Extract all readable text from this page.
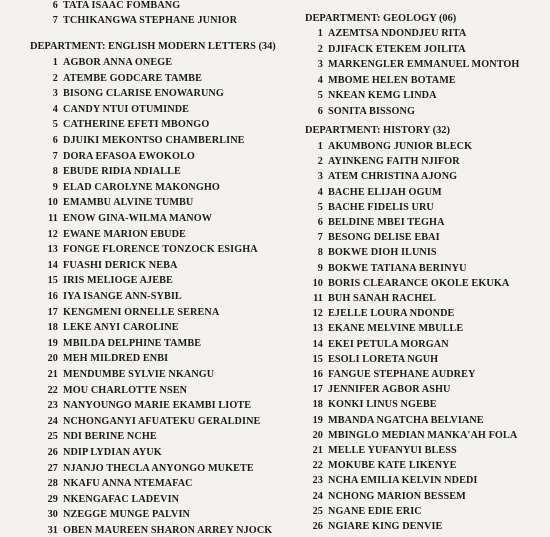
6 TATA ISAAC FOMBANG
7 TCHIKANGWA STEPHANE JUNIOR
DEPARTMENT: ENGLISH MODERN LETTERS (34)
1 AGBOR ANNA ONEGE
2 ATEMBE GODCARE TAMBE
3 BISONG CLARISE ENOWARUNG
4 CANDY NTUI OTUMINDE
5 CATHERINE EFETI MBONGO
6 DJUIKI MEKONTSO CHAMBERLINE
7 DORA EFASOA EWOKOLO
8 EBUDE RIDIA NDIALLE
9 ELAD CAROLYNE MAKONGHO
10 EMAMBU ALVINE TUMBU
11 ENOW GINA-WILMA MANOW
12 EWANE MARION EBUDE
13 FONGE FLORENCE TONZOCK ESIGHA
14 FUASHI DERICK NEBA
15 IRIS MELIOGE AJEBE
16 IYA ISANGE ANN-SYBIL
17 KENGMENI ORNELLE SERENA
18 LEKE ANYI CAROLINE
19 MBILDA DELPHINE TAMBE
20 MEH MILDRED ENBI
21 MENDUMBE SYLVIE NKANGU
22 MOU CHARLOTTE NSEN
23 NANYOUNGO MARIE EKAMBI LIOTE
24 NCHONGANYI AFUATEKU GERALDINE
25 NDI BERINE NCHE
26 NDIP LYDIAN AYUK
27 NJANJO THECLA ANYONGO MUKETE
28 NKAFU ANNA NTEMAFAC
29 NKENGAFAC LADEVIN
30 NZEGGE MUNGE PALVIN
31 OBEN MAUREEN SHARON ARREY NJOCK
DEPARTMENT: GEOLOGY (06)
1 AZEMTSA NDONDJEU RITA
2 DJIFACK ETEKEM JOILITA
3 MARKENGLER EMMANUEL MONTOH
4 MBOME HELEN BOTAME
5 NKEAN KEMG LINDA
6 SONITA BISSONG
DEPARTMENT: HISTORY (32)
1 AKUMBONG JUNIOR BLECK
2 AYINKENG FAITH NJIFOR
3 ATEM CHRISTINA AJONG
4 BACHE ELIJAH OGUM
5 BACHE FIDELIS URU
6 BELDINE MBEI TEGHA
7 BESONG DELISE EBAI
8 BOKWE DIOH ILUNIS
9 BOKWE TATIANA BERINYU
10 BORIS CLEARANCE OKOLE EKUKA
11 BUH SANAH RACHEL
12 EJELLE LOURA NDONDE
13 EKANE MELVINE MBULLE
14 EKEI PETULA MORGAN
15 ESOLI LORETA NGUH
16 FANGUE STEPHANE AUDREY
17 JENNIFER AGBOR ASHU
18 KONKI LINUS NGEBE
19 MBANDA NGATCHA BELVIANE
20 MBINGLO MEDIAN MANKA'AH FOLA
21 MELLE YUFANYUI BLESS
22 MOKUBE KATE LIKENYE
23 NCHA EMILIA KELVIN NDEDI
24 NCHONG MARION BESSEM
25 NGANE EDIE ERIC
26 NGIARE KING DENVIE
